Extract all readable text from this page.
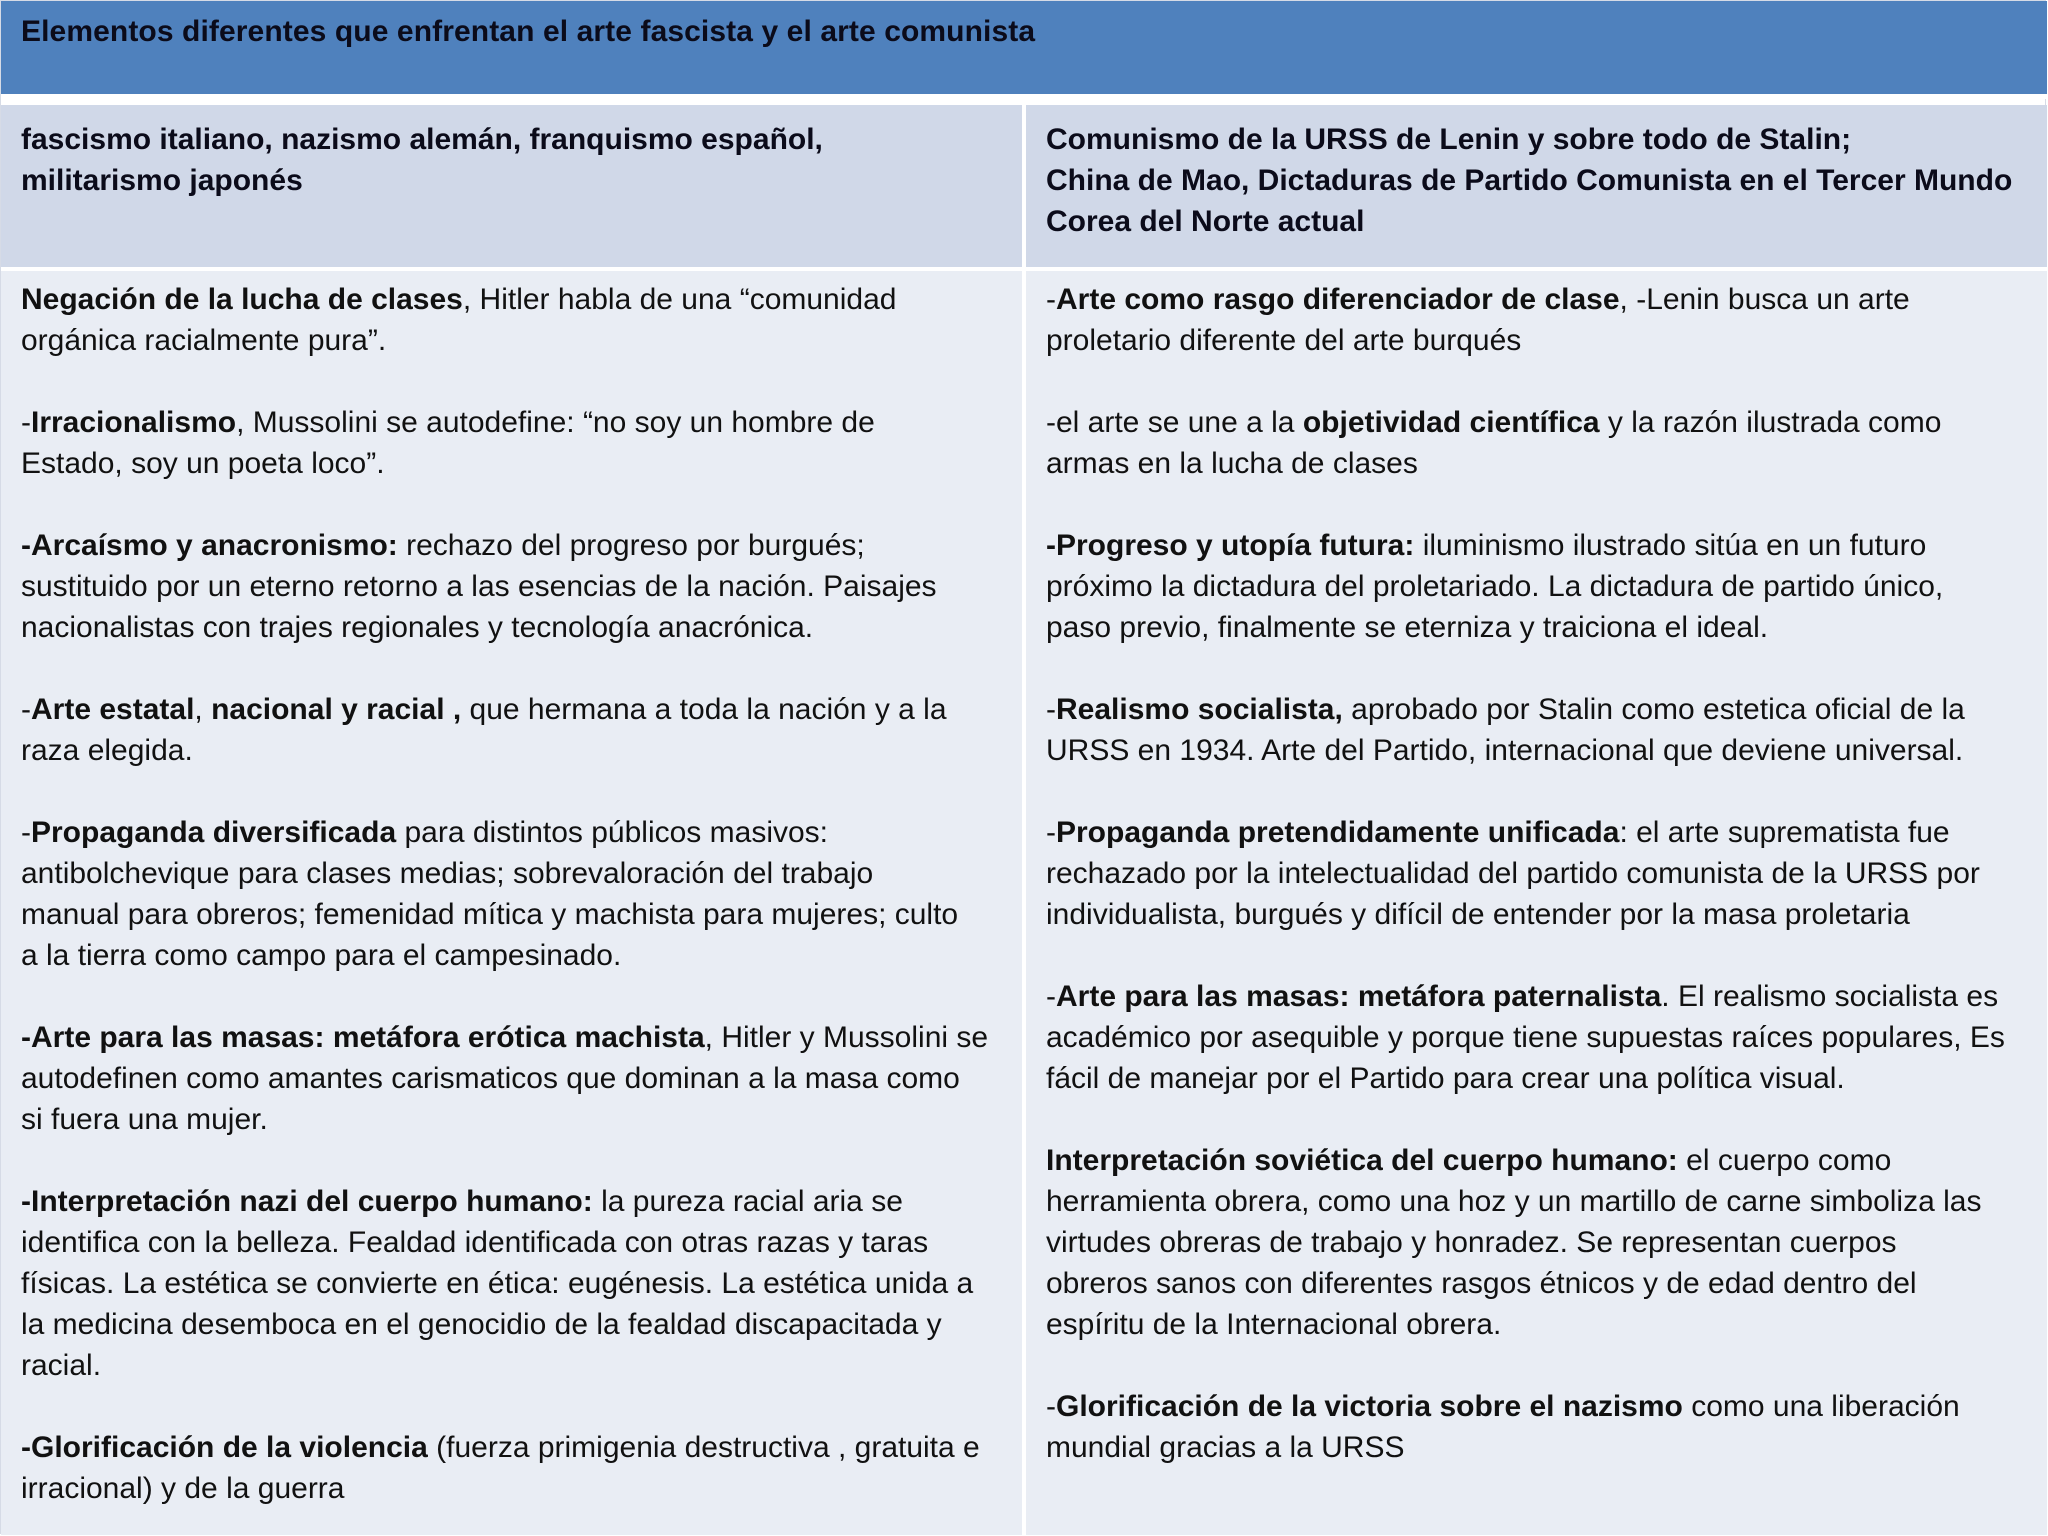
Elementos diferentes que enfrentan el arte fascista y el arte comunista
fascismo italiano, nazismo alemán, franquismo español,
militarismo japonés
Comunismo de la URSS de Lenin y sobre todo de Stalin;
China de Mao, Dictaduras de Partido Comunista en el Tercer Mundo
Corea del Norte actual
Negación de la lucha de clases, Hitler habla de una “comunidad
orgánica racialmente pura”.
-Irracionalismo, Mussolini se autodefine: “no soy un hombre de
Estado, soy un poeta loco”.
-Arcaísmo y anacronismo: rechazo del progreso por burgués;
sustituido por un eterno retorno a las esencias de la nación. Paisajes
nacionalistas con trajes regionales y tecnología anacrónica.
-Arte estatal, nacional y racial , que hermana a toda la nación y a la
raza elegida.
-Propaganda diversificada para distintos públicos masivos:
antibolchevique para clases medias; sobrevaloración del trabajo
manual para obreros; femenidad mítica y machista para mujeres; culto
a la tierra como campo para el campesinado.
-Arte para las masas: metáfora erótica machista, Hitler y Mussolini se
autodefinen como amantes carismaticos que dominan a la masa como
si fuera una mujer.
-Interpretación nazi del cuerpo humano: la pureza racial aria se
identifica con la belleza. Fealdad identificada con otras razas y taras
físicas. La estética se convierte en ética: eugénesis. La estética unida a
la medicina desemboca en el genocidio de la fealdad discapacitada y
racial.
-Glorificación de la violencia (fuerza primigenia destructiva , gratuita e
irracional) y de la guerra
-Arte como rasgo diferenciador de clase, -Lenin busca un arte
proletario diferente del arte burqués
-el arte se une a la objetividad científica y la razón ilustrada como
armas en la lucha de clases
-Progreso y utopía futura: iluminismo ilustrado sitúa en un futuro
próximo la dictadura del proletariado. La dictadura de partido único,
paso previo, finalmente se eterniza y traiciona el ideal.
-Realismo socialista, aprobado por Stalin como estetica oficial de la
URSS en 1934. Arte del Partido, internacional que deviene universal.
-Propaganda pretendidamente unificada: el arte suprematista fue
rechazado por la intelectualidad del partido comunista de la URSS por
individualista, burgués y difícil de entender por la masa proletaria
-Arte para las masas: metáfora paternalista. El realismo socialista es
académico por asequible y porque tiene supuestas raíces populares, Es
fácil de manejar por el Partido para crear una política visual.
Interpretación soviética del cuerpo humano: el cuerpo como
herramienta obrera, como una hoz y un martillo de carne simboliza las
virtudes obreras de trabajo y honradez. Se representan cuerpos
obreros sanos con diferentes rasgos étnicos y de edad dentro del
espíritu de la Internacional obrera.
-Glorificación de la victoria sobre el nazismo como una liberación
mundial gracias a la URSS
